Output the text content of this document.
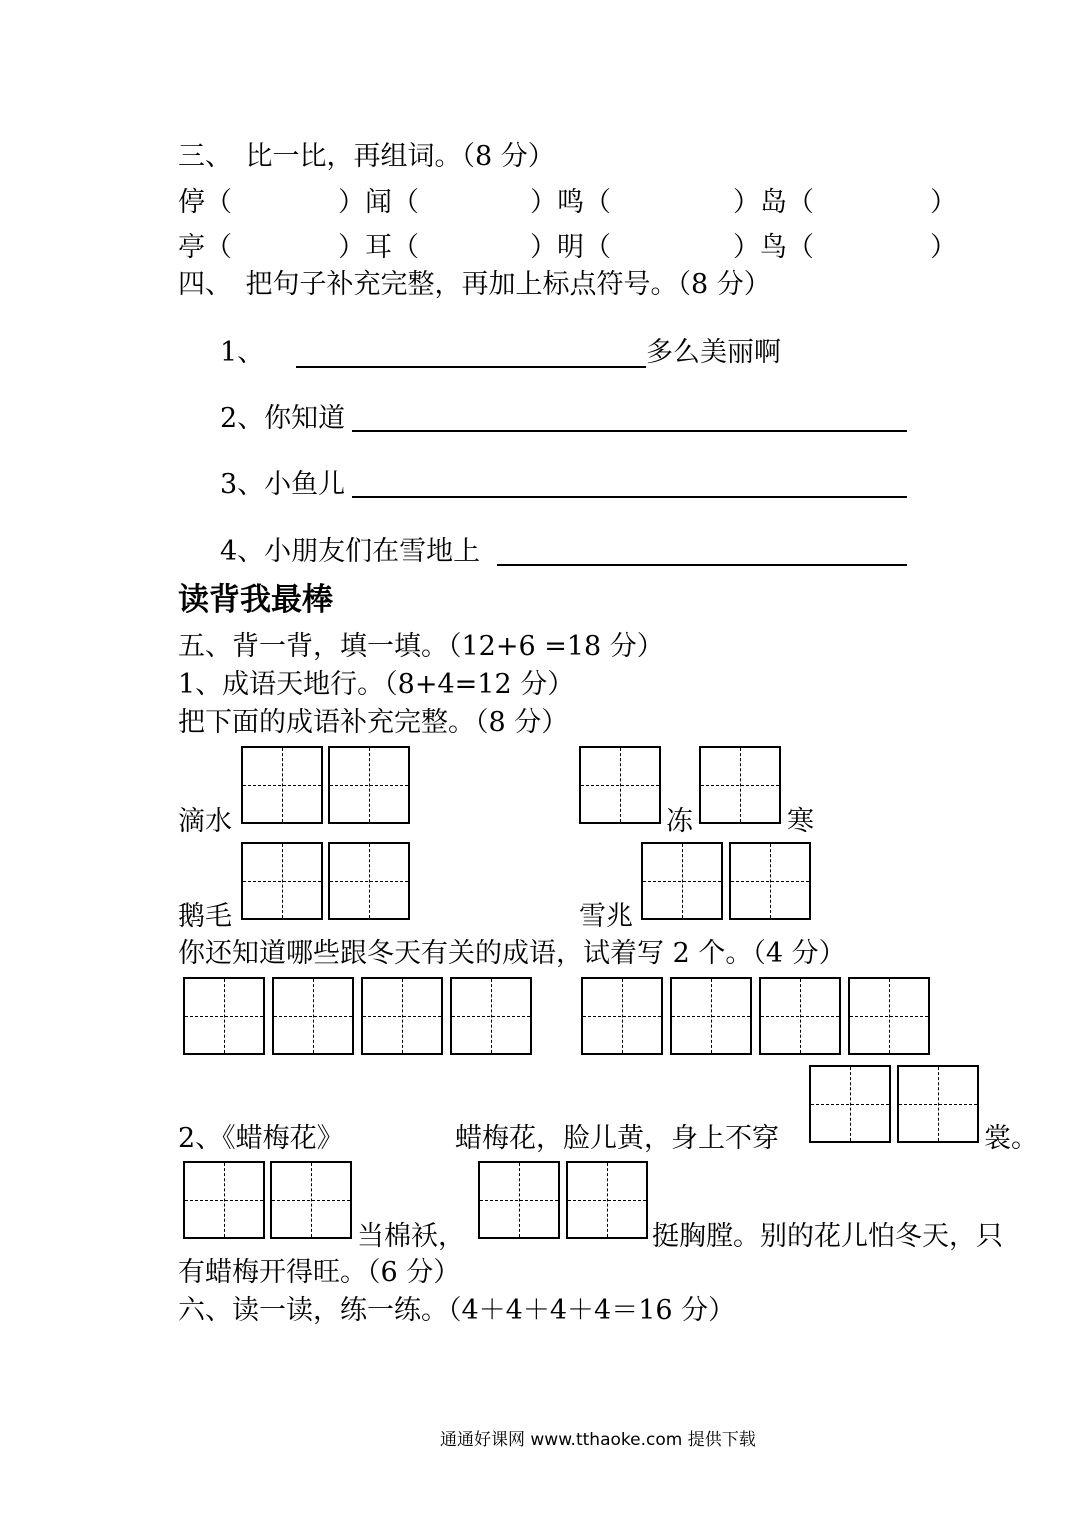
三、　比一比，再组词。（8 分）
停（	）闻（	）鸣（	）岛（	）
亭（	）耳（	）明（	）鸟（	）
四、　把句子补充完整，再加上标点符号。（8 分）
1、	多么美丽啊
2、你知道
3、小鱼儿
4、小朋友们在雪地上
读背我最棒
五、背一背，填一填。（12+6 =18 分）
1、成语天地行。（8+4=12 分）
把下面的成语补充完整。（8 分）
滴水	冻	寒
鹅毛	雪兆
你还知道哪些跟冬天有关的成语，试着写 2 个。（4 分）
2、《蜡梅花》	蜡梅花，脸儿黄，身上不穿	裳。
当棉袄，	挺胸膛。别的花儿怕冬天，只
有蜡梅开得旺。（6 分）
六、读一读，练一练。（4＋4＋4＋4＝16 分）
通通好课网 www.tthaoke.com 提供下载
